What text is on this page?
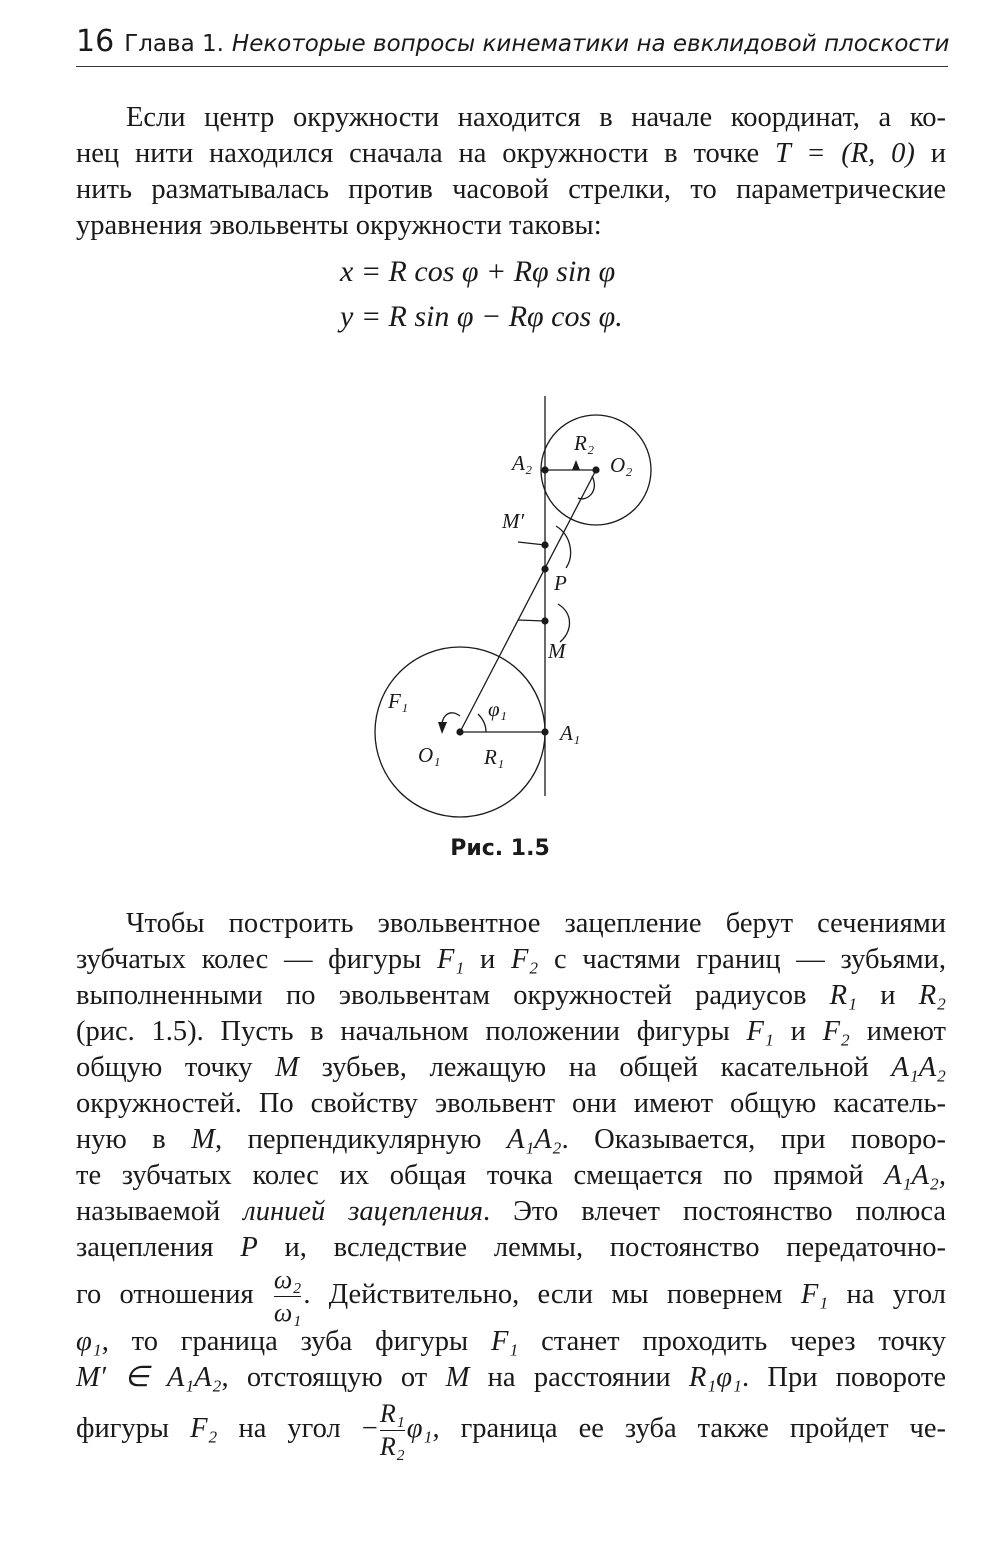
16 Глава 1. Некоторые вопросы кинематики на евклидовой плоскости
Если центр окружности находится в начале координат, а ко-
нец нити находился сначала на окружности в точке T = (R, 0) и
нить разматывалась против часовой стрелки, то параметрические
уравнения эвольвенты окружности таковы:
x = R cos φ + Rφ sin φ
y = R sin φ − Rφ cos φ.
A₂
R₂
O₂
M′
P
M
F₁	φ₁
A₁
O₁ R₁
Рис. 1.5
Чтобы построить эвольвентное зацепление берут сечениями
зубчатых колес — фигуры F₁ и F₂ с частями границ — зубьями,
выполненными по эвольвентам окружностей радиусов R₁ и R₂
(рис. 1.5). Пусть в начальном положении фигуры F₁ и F₂ имеют
общую точку M зубьев, лежащую на общей касательной A₁A₂
окружностей. По свойству эвольвент они имеют общую касатель-
ную в M, перпендикулярную A₁A₂. Оказывается, при поворо-
те зубчатых колес их общая точка смещается по прямой A₁A₂,
называемой линией зацепления. Это влечет постоянство полюса
зацепления P и, вследствие леммы, постоянство передаточно-
го отношения $\frac{\text{ω₂}}{\text{ω₁}}$ . Действительно, если мы повернем F₁ на угол
φ₁, то граница зуба фигуры F₁ станет проходить через точку
M′ ∈ A₁A₂, отстоящую от M на расстоянии R₁φ₁. При повороте
фигуры F₂ на угол − $\frac{\text{R₁}}{\text{R₂}} \varphi_1$, граница ее зуба также пройдет че-
